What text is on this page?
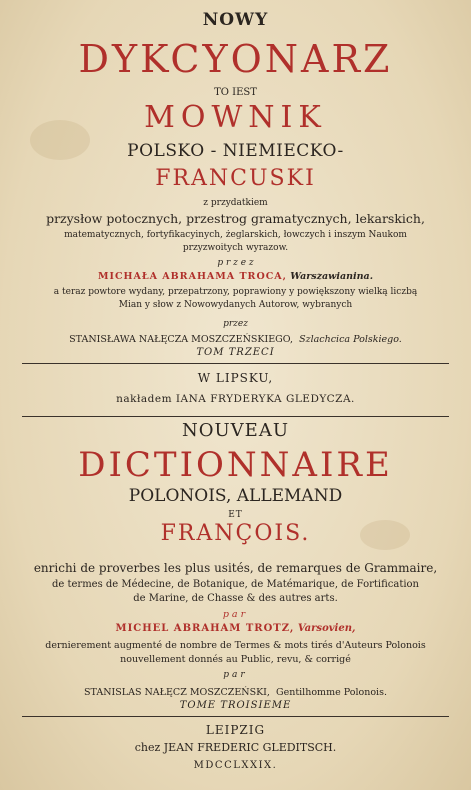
NOWY
DYKCYONARZ
TO IEST
MOWNIK
POLSKO - NIEMIECKO-
FRANCUSKI
z przydatkiem
przysłow potocznych, przestrog gramatycznych, lekarskich,
matematycznych, fortyfikacyinych, żeglarskich, łowczych i inszym Naukom
przyzwoitych wyrazow.
p r z e z
MICHAŁA ABRAHAMA TROCA, Warszawianina.
a teraz powtore wydany, przepatrzony, poprawiony y powiększony wielką liczbą
Mian y słow z Nowowydanych Autorow, wybranych
przez
STANISŁAWA NAŁĘCZA MOSZCZEŃSKIEGO, Szlachcica Polskiego.
TOM TRZECI
W LIPSKU,
nakładem IANA FRYDERYKA GLEDYCZA.
NOUVEAU
DICTIONNAIRE
POLONOIS, ALLEMAND
ET
FRANÇOIS.
enrichi de proverbes les plus usités, de remarques de Grammaire,
de termes de Médecine, de Botanique, de Matémarique, de Fortification
de Marine, de Chasse & des autres arts.
par
MICHEL ABRAHAM TROTZ, Varsovien,
dernierement augmenté de nombre de Termes & mots tirés d'Auteurs Polonois
nouvellement donnés au Public, revu, & corrigé
par
STANISLAS NAŁĘCZ MOSZCZEŃSKI, Gentilhomme Polonois.
TOME TROISIEME
LEIPZIG
chez JEAN FREDERIC GLEDITSCH.
MDCCLXXIX.
